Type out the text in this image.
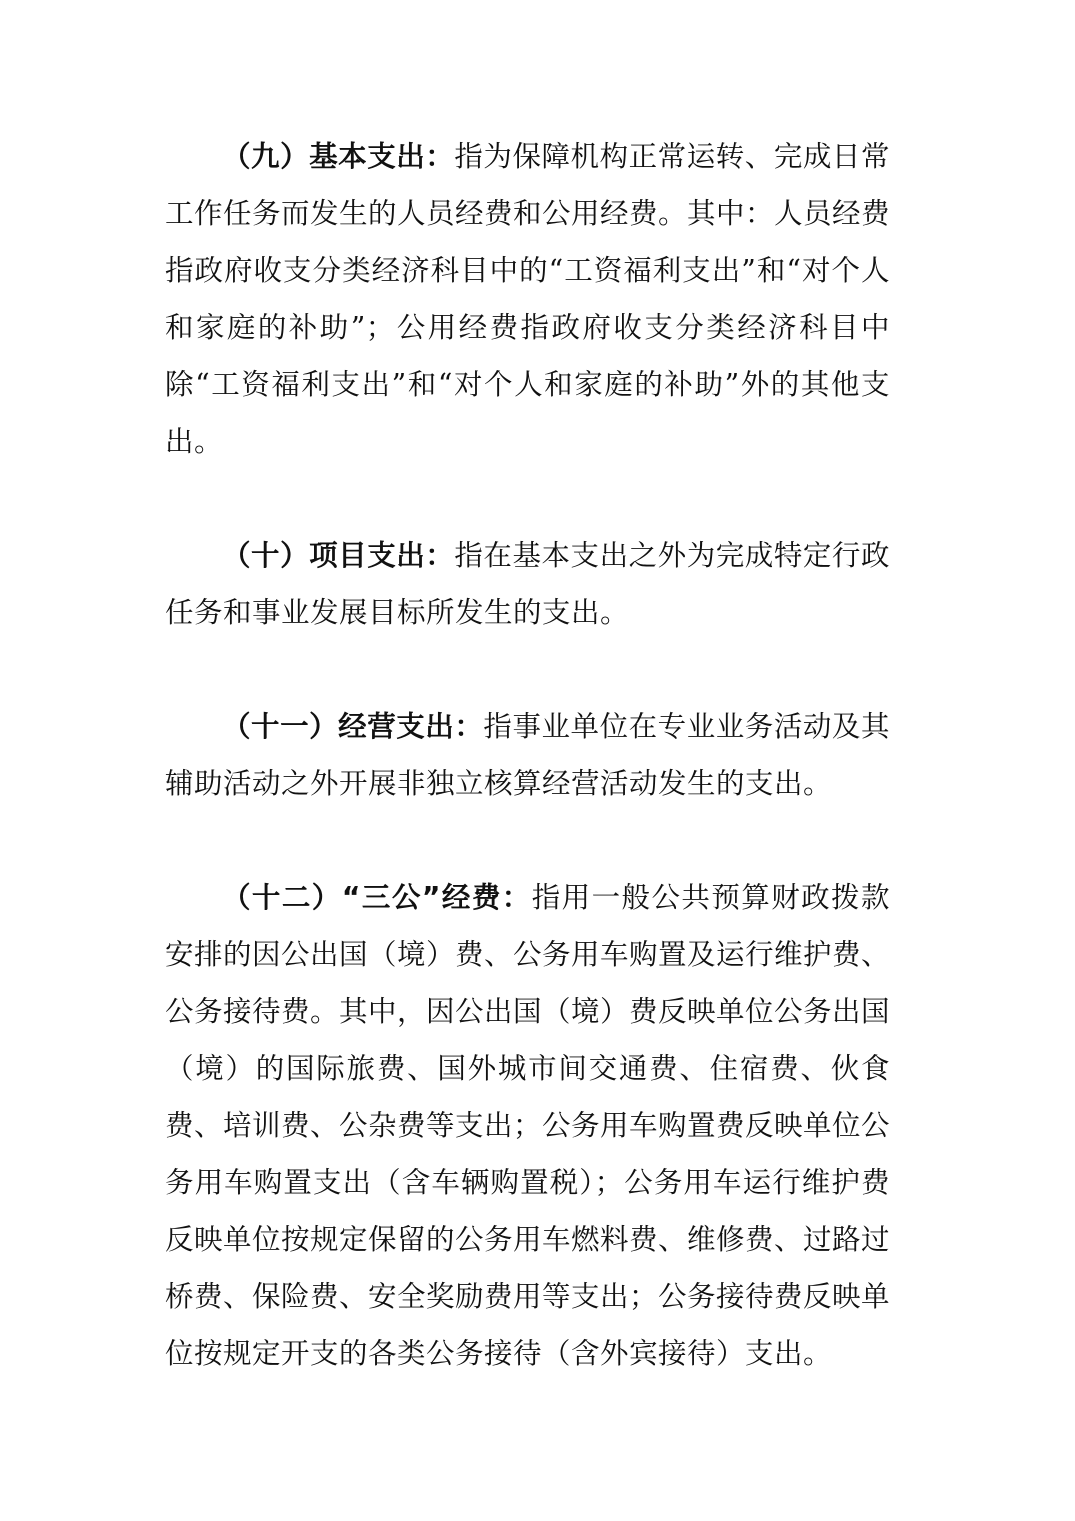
（九）基本支出：指为保障机构正常运转、完成日常工作任务而发生的人员经费和公用经费。其中：人员经费指政府收支分类经济科目中的“工资福利支出”和“对个人和家庭的补助”；公用经费指政府收支分类经济科目中除“工资福利支出”和“对个人和家庭的补助”外的其他支出。

（十）项目支出：指在基本支出之外为完成特定行政任务和事业发展目标所发生的支出。

（十一）经营支出：指事业单位在专业业务活动及其辅助活动之外开展非独立核算经营活动发生的支出。

（十二）“三公”经费：指用一般公共预算财政拨款安排的因公出国（境）费、公务用车购置及运行维护费、公务接待费。其中，因公出国（境）费反映单位公务出国（境）的国际旅费、国外城市间交通费、住宿费、伙食费、培训费、公杂费等支出；公务用车购置费反映单位公务用车购置支出（含车辆购置税）；公务用车运行维护费反映单位按规定保留的公务用车燃料费、维修费、过路过桥费、保险费、安全奖励费用等支出；公务接待费反映单位按规定开支的各类公务接待（含外宾接待）支出。
